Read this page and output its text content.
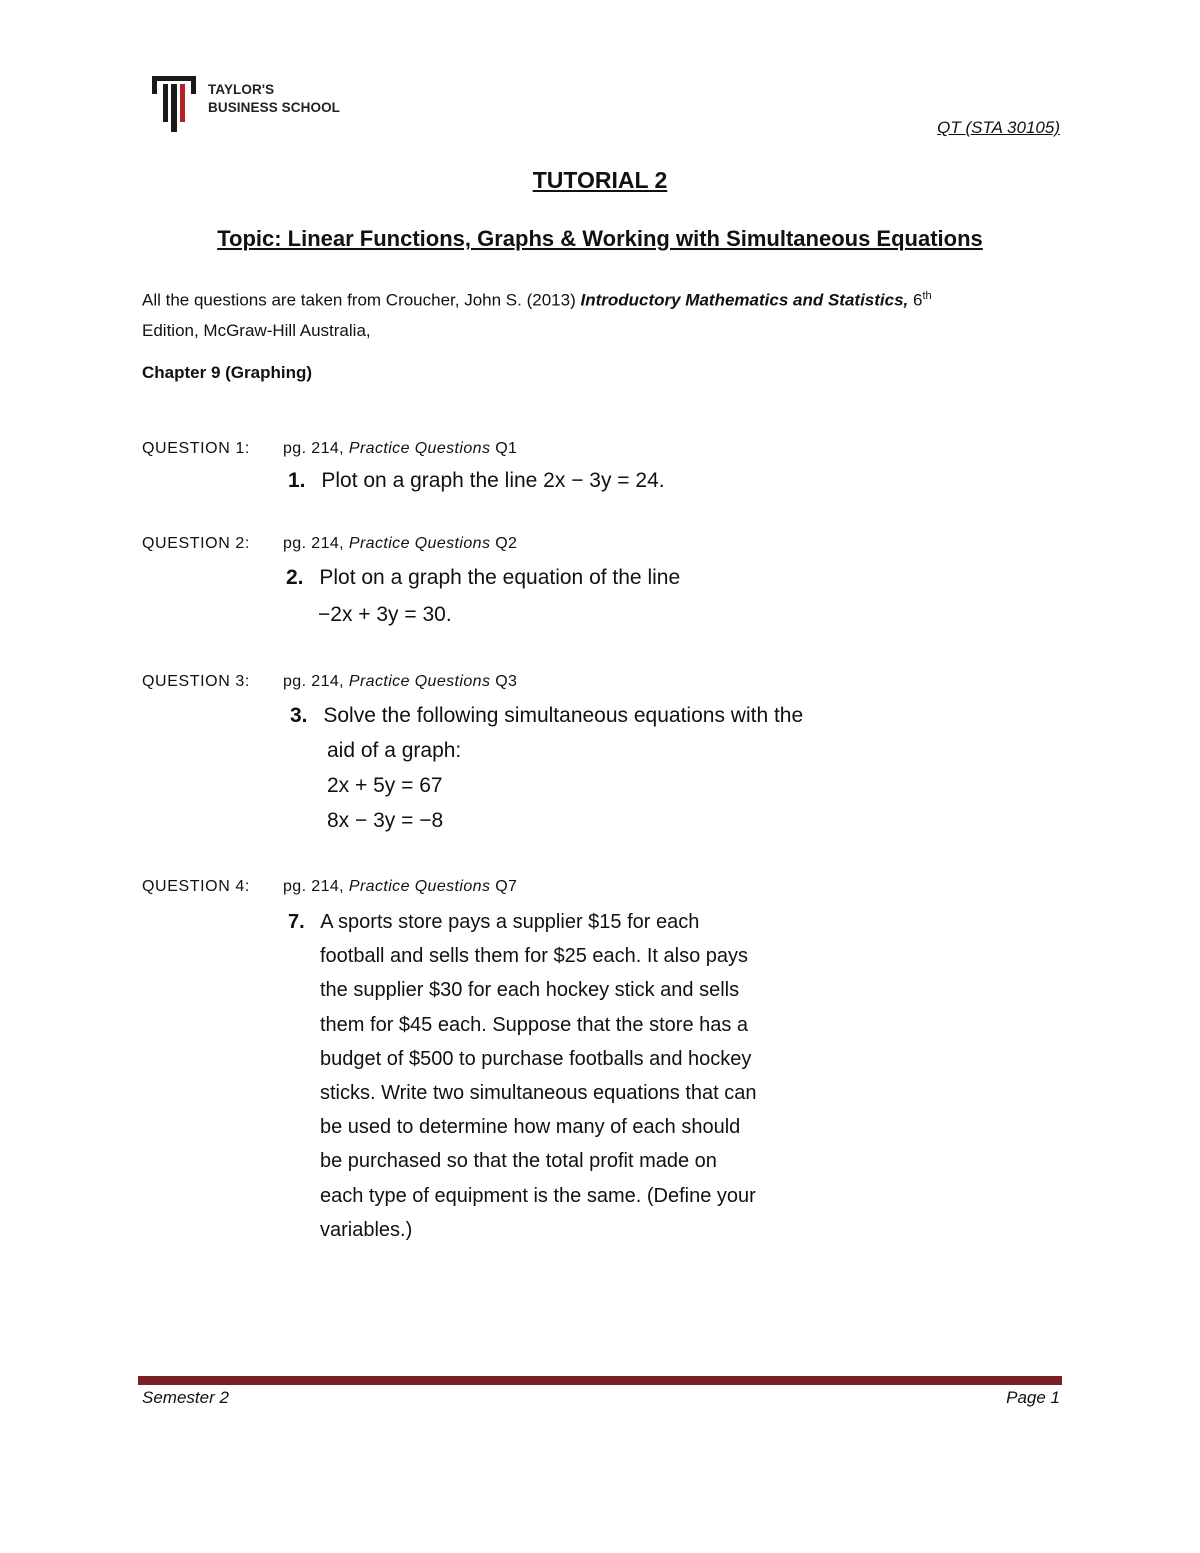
TAYLOR'S
BUSINESS SCHOOL
QT (STA 30105)
TUTORIAL 2
Topic: Linear Functions, Graphs & Working with Simultaneous Equations
All the questions are taken from Croucher, John S. (2013) Introductory Mathematics and Statistics, 6th
Edition, McGraw-Hill Australia,
Chapter 9 (Graphing)
QUESTION 1: pg. 214, Practice Questions Q1
1. Plot on a graph the line 2x − 3y = 24.
QUESTION 2: pg. 214, Practice Questions Q2
2. Plot on a graph the equation of the line
−2x + 3y = 30.
QUESTION 3: pg. 214, Practice Questions Q3
3. Solve the following simultaneous equations with the
aid of a graph:
2x + 5y = 67
8x − 3y = −8
QUESTION 4: pg. 214, Practice Questions Q7
7. A sports store pays a supplier $15 for each
football and sells them for $25 each. It also pays
the supplier $30 for each hockey stick and sells
them for $45 each. Suppose that the store has a
budget of $500 to purchase footballs and hockey
sticks. Write two simultaneous equations that can
be used to determine how many of each should
be purchased so that the total profit made on
each type of equipment is the same. (Define your
variables.)
Semester 2	Page 1
